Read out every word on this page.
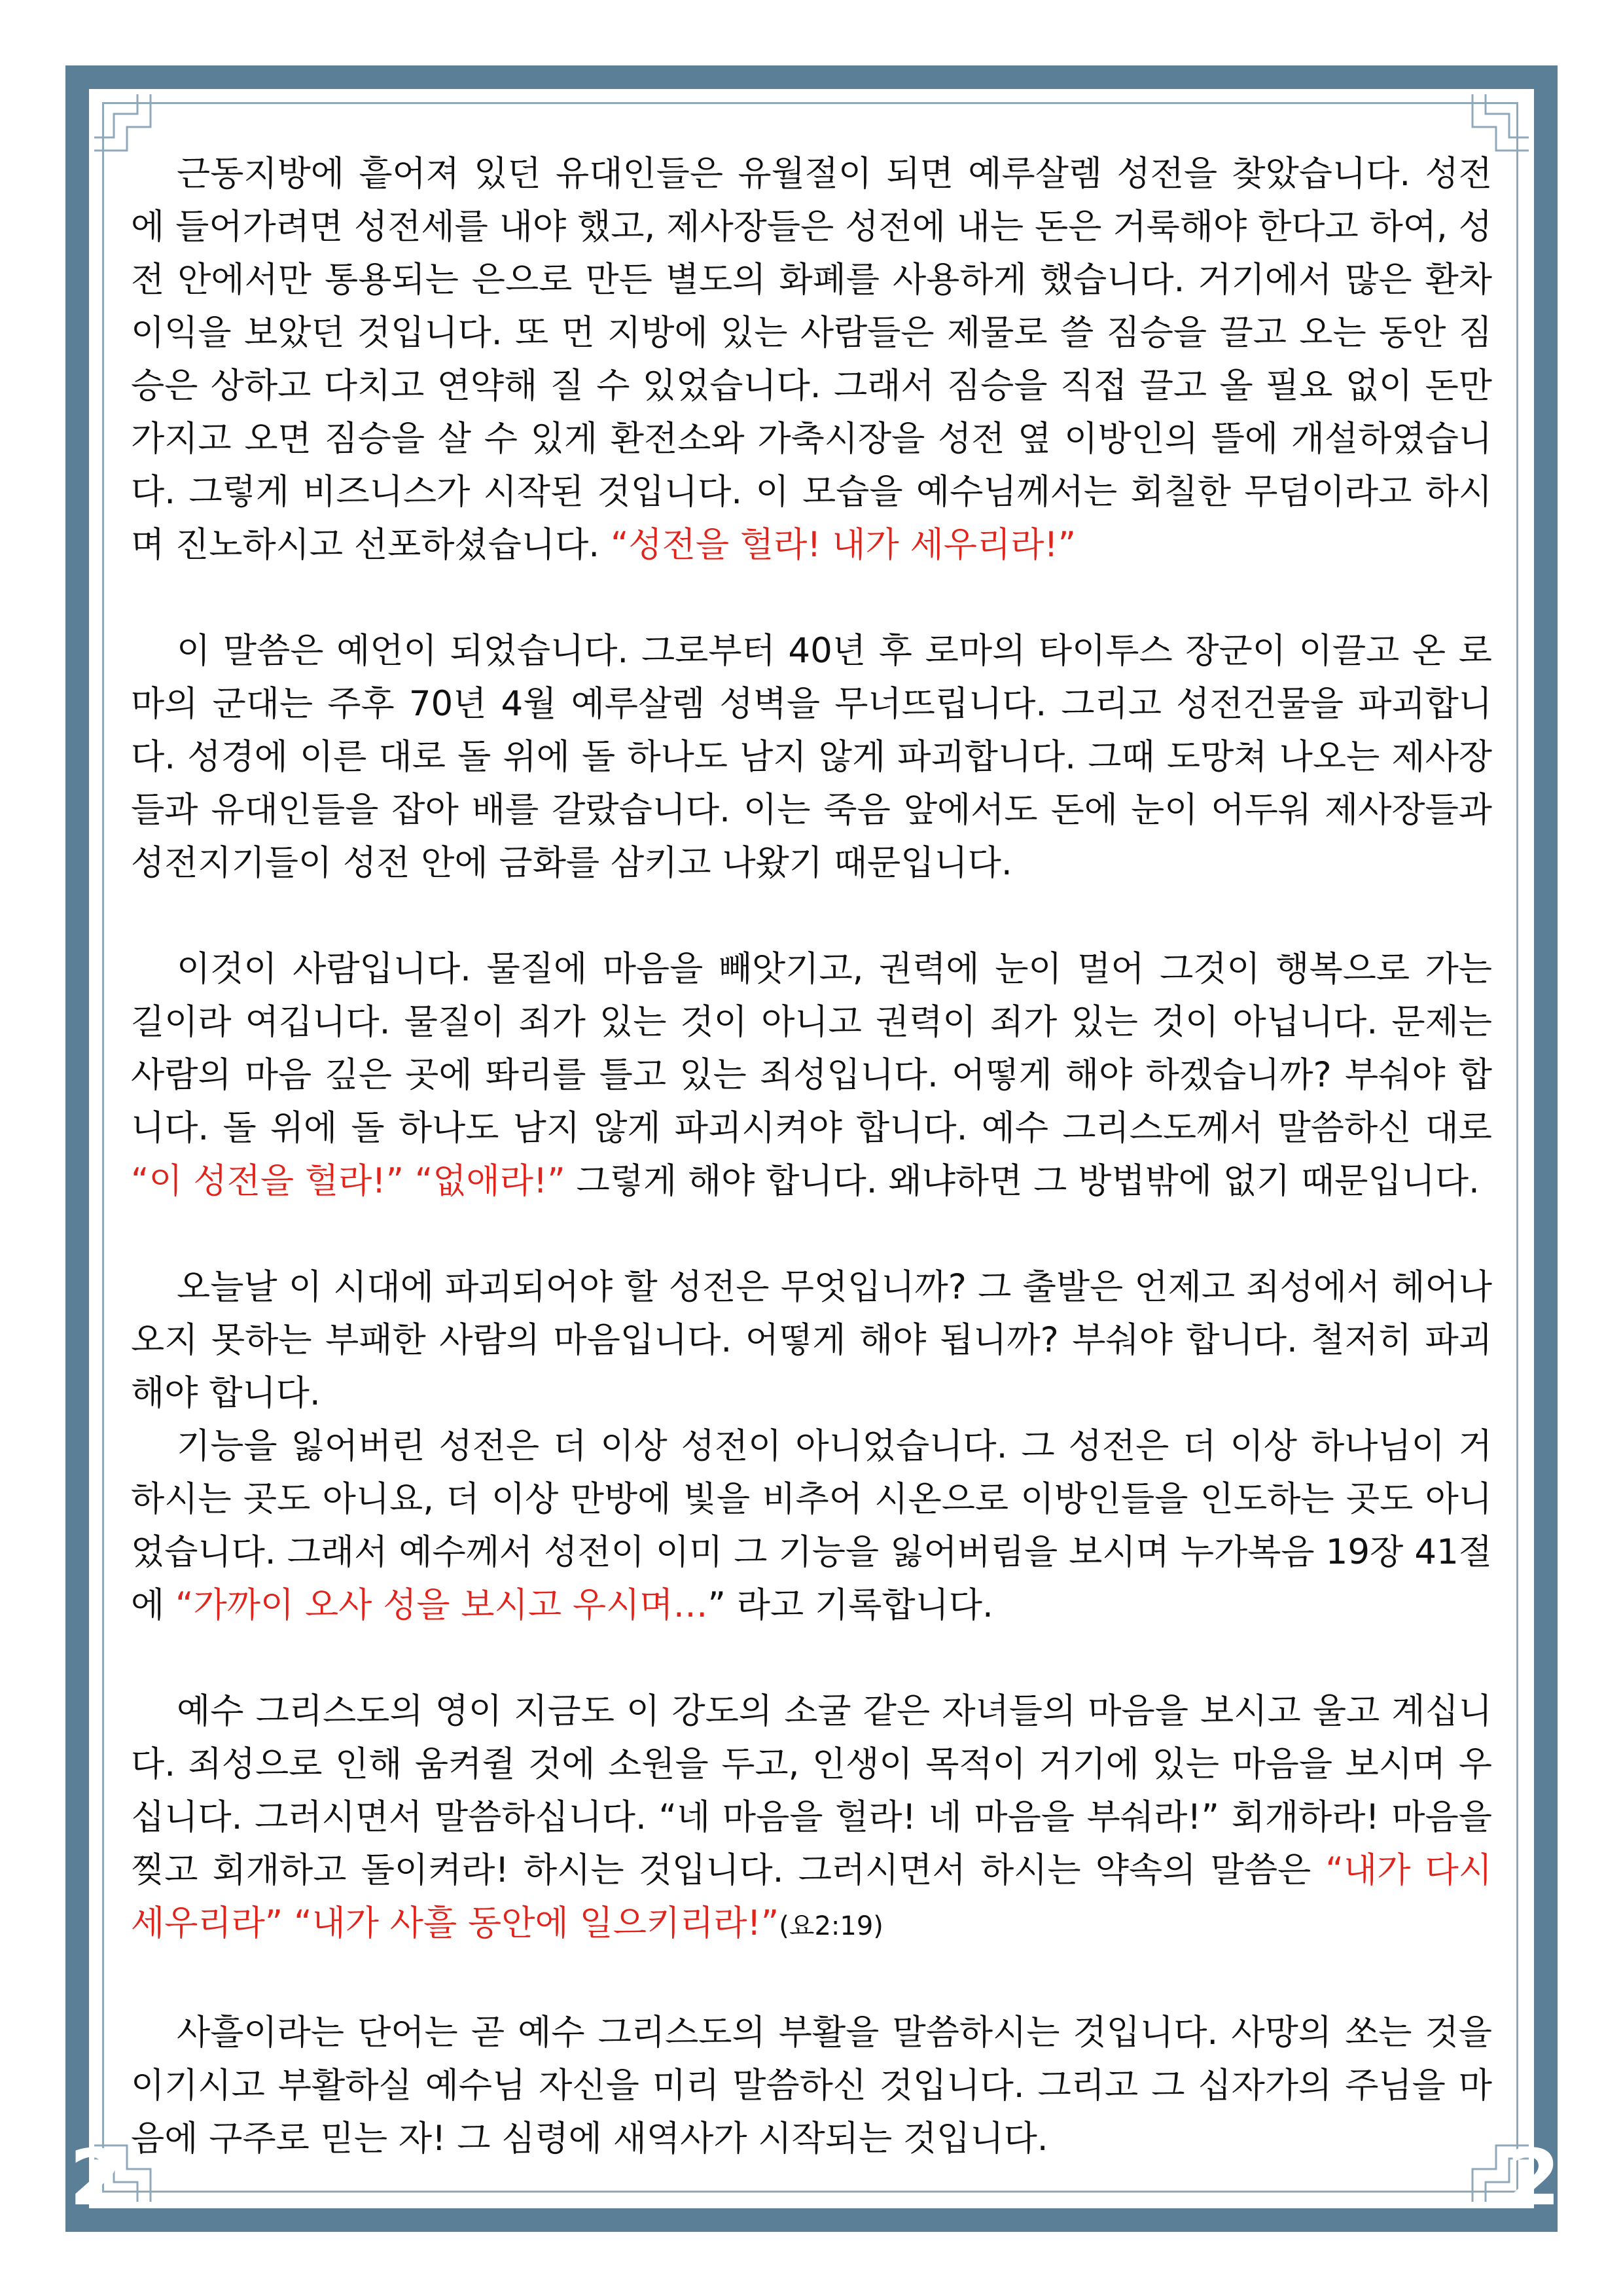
2	2

근동지방에 흩어져 있던 유대인들은 유월절이 되면 예루살렘 성전을 찾았습니다. 성전에 들어가려면 성전세를 내야 했고, 제사장들은 성전에 내는 돈은 거룩해야 한다고 하여, 성전 안에서만 통용되는 은으로 만든 별도의 화폐를 사용하게 했습니다. 거기에서 많은 환차 이익을 보았던 것입니다. 또 먼 지방에 있는 사람들은 제물로 쓸 짐승을 끌고 오는 동안 짐승은 상하고 다치고 연약해 질 수 있었습니다. 그래서 짐승을 직접 끌고 올 필요 없이 돈만 가지고 오면 짐승을 살 수 있게 환전소와 가축시장을 성전 옆 이방인의 뜰에 개설하였습니다. 그렇게 비즈니스가 시작된 것입니다. 이 모습을 예수님께서는 회칠한 무덤이라고 하시며 진노하시고 선포하셨습니다. “성전을 헐라! 내가 세우리라!”

이 말씀은 예언이 되었습니다. 그로부터 40년 후 로마의 타이투스 장군이 이끌고 온 로마의 군대는 주후 70년 4월 예루살렘 성벽을 무너뜨립니다. 그리고 성전건물을 파괴합니다. 성경에 이른 대로 돌 위에 돌 하나도 남지 않게 파괴합니다. 그때 도망쳐 나오는 제사장들과 유대인들을 잡아 배를 갈랐습니다. 이는 죽음 앞에서도 돈에 눈이 어두워 제사장들과 성전지기들이 성전 안에 금화를 삼키고 나왔기 때문입니다.

이것이 사람입니다. 물질에 마음을 빼앗기고, 권력에 눈이 멀어 그것이 행복으로 가는 길이라 여깁니다. 물질이 죄가 있는 것이 아니고 권력이 죄가 있는 것이 아닙니다. 문제는 사람의 마음 깊은 곳에 똬리를 틀고 있는 죄성입니다. 어떻게 해야 하겠습니까? 부숴야 합니다. 돌 위에 돌 하나도 남지 않게 파괴시켜야 합니다. 예수 그리스도께서 말씀하신 대로 “이 성전을 헐라!” “없애라!” 그렇게 해야 합니다. 왜냐하면 그 방법밖에 없기 때문입니다.

오늘날 이 시대에 파괴되어야 할 성전은 무엇입니까? 그 출발은 언제고 죄성에서 헤어나오지 못하는 부패한 사람의 마음입니다. 어떻게 해야 됩니까? 부숴야 합니다. 철저히 파괴해야 합니다.

기능을 잃어버린 성전은 더 이상 성전이 아니었습니다. 그 성전은 더 이상 하나님이 거하시는 곳도 아니요, 더 이상 만방에 빛을 비추어 시온으로 이방인들을 인도하는 곳도 아니었습니다. 그래서 예수께서 성전이 이미 그 기능을 잃어버림을 보시며 누가복음 19장 41절에 “가까이 오사 성을 보시고 우시며…” 라고 기록합니다.

예수 그리스도의 영이 지금도 이 강도의 소굴 같은 자녀들의 마음을 보시고 울고 계십니다. 죄성으로 인해 움켜쥘 것에 소원을 두고, 인생이 목적이 거기에 있는 마음을 보시며 우십니다. 그러시면서 말씀하십니다. “네 마음을 헐라! 네 마음을 부숴라!” 회개하라! 마음을 찢고 회개하고 돌이켜라! 하시는 것입니다. 그러시면서 하시는 약속의 말씀은 “내가 다시 세우리라” “내가 사흘 동안에 일으키리라!”(요2:19)

사흘이라는 단어는 곧 예수 그리스도의 부활을 말씀하시는 것입니다. 사망의 쏘는 것을 이기시고 부활하실 예수님 자신을 미리 말씀하신 것입니다. 그리고 그 십자가의 주님을 마음에 구주로 믿는 자! 그 심령에 새역사가 시작되는 것입니다.
